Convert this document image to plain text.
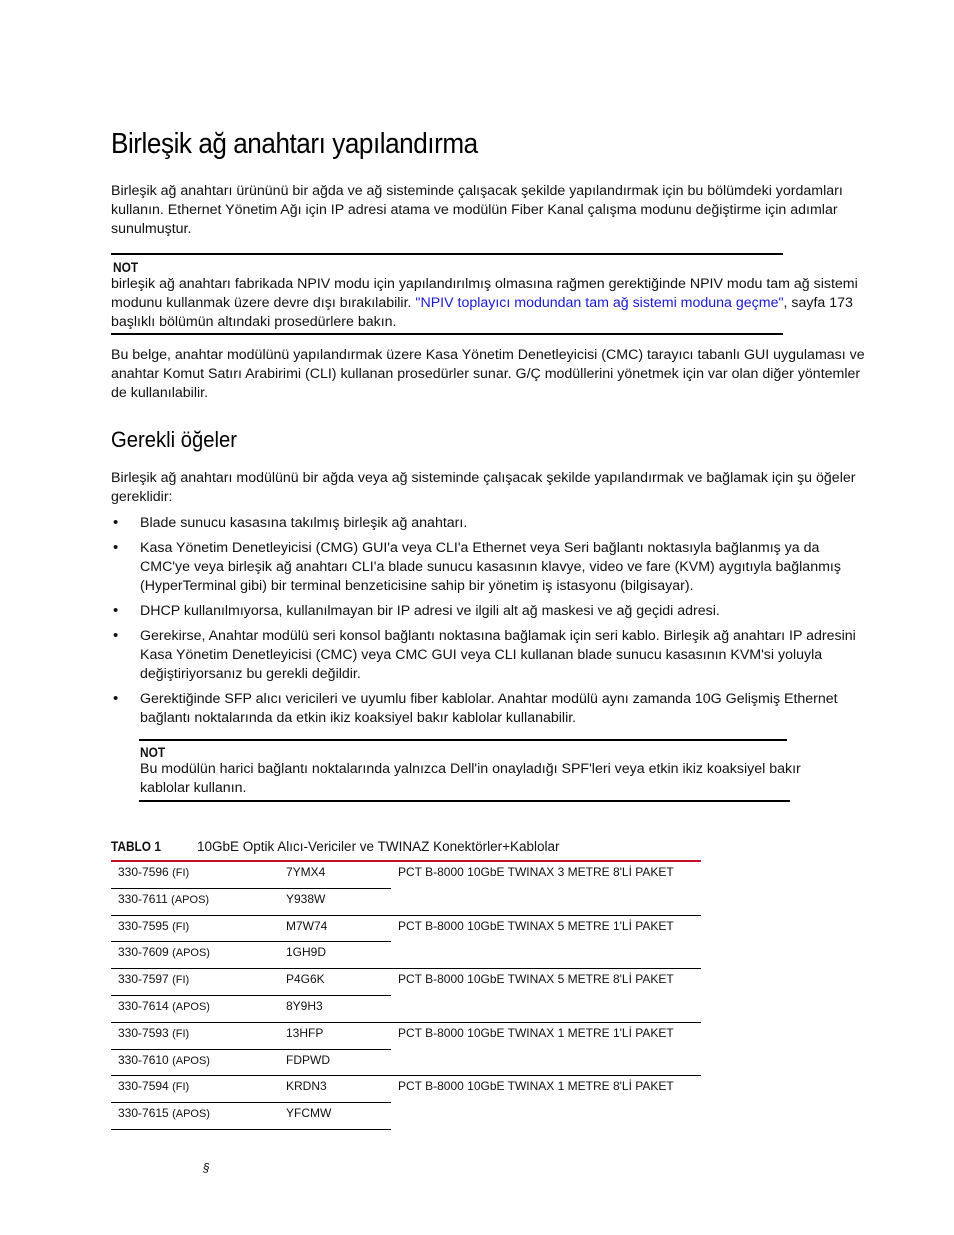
Birleşik ağ anahtarı yapılandırma

Birleşik ağ anahtarı ürününü bir ağda ve ağ sisteminde çalışacak şekilde yapılandırmak için bu bölümdeki yordamları kullanın. Ethernet Yönetim Ağı için IP adresi atama ve modülün Fiber Kanal çalışma modunu değiştirme için adımlar sunulmuştur.

NOT

birleşik ağ anahtarı fabrikada NPIV modu için yapılandırılmış olmasına rağmen gerektiğinde NPIV modu tam ağ sistemi modunu kullanmak üzere devre dışı bırakılabilir. "NPIV toplayıcı modundan tam ağ sistemi moduna geçme", sayfa 173 başlıklı bölümün altındaki prosedürlere bakın.

Bu belge, anahtar modülünü yapılandırmak üzere Kasa Yönetim Denetleyicisi (CMC) tarayıcı tabanlı GUI uygulaması ve anahtar Komut Satırı Arabirimi (CLI) kullanan prosedürler sunar. G/Ç modüllerini yönetmek için var olan diğer yöntemler de kullanılabilir.

Gerekli öğeler

Birleşik ağ anahtarı modülünü bir ağda veya ağ sisteminde çalışacak şekilde yapılandırmak ve bağlamak için şu öğeler gereklidir:

• Blade sunucu kasasına takılmış birleşik ağ anahtarı.
• Kasa Yönetim Denetleyicisi (CMG) GUI'a veya CLI'a Ethernet veya Seri bağlantı noktasıyla bağlanmış ya da CMC'ye veya birleşik ağ anahtarı CLI'a blade sunucu kasasının klavye, video ve fare (KVM) aygıtıyla bağlanmış (HyperTerminal gibi) bir terminal benzeticisine sahip bir yönetim iş istasyonu (bilgisayar).
• DHCP kullanılmıyorsa, kullanılmayan bir IP adresi ve ilgili alt ağ maskesi ve ağ geçidi adresi.
• Gerekirse, Anahtar modülü seri konsol bağlantı noktasına bağlamak için seri kablo. Birleşik ağ anahtarı IP adresini Kasa Yönetim Denetleyicisi (CMC) veya CMC GUI veya CLI kullanan blade sunucu kasasının KVM'si yoluyla değiştiriyorsanız bu gerekli değildir.
• Gerektiğinde SFP alıcı vericileri ve uyumlu fiber kablolar. Anahtar modülü aynı zamanda 10G Gelişmiş Ethernet bağlantı noktalarında da etkin ikiz koaksiyel bakır kablolar kullanabilir.
NOT

Bu modülün harici bağlantı noktalarında yalnızca Dell'in onayladığı SPF'leri veya etkin ikiz koaksiyel bakır kablolar kullanın.

TABLO 1	10GbE Optik Alıcı-Vericiler ve TWINAZ Konektörler+Kablolar
330-7596 (FI)	7YMX4	PCT B-8000 10GbE TWINAX 3 METRE 8'Lİ PAKET
330-7611 (APOS)	Y938W	
330-7595 (FI)	M7W74	PCT B-8000 10GbE TWINAX 5 METRE 1'Lİ PAKET
330-7609 (APOS)	1GH9D	
330-7597 (FI)	P4G6K	PCT B-8000 10GbE TWINAX 5 METRE 8'Lİ PAKET
330-7614 (APOS)	8Y9H3	
330-7593 (FI)	13HFP	PCT B-8000 10GbE TWINAX 1 METRE 1'Lİ PAKET
330-7610 (APOS)	FDPWD	
330-7594 (FI)	KRDN3	PCT B-8000 10GbE TWINAX 1 METRE 8'Lİ PAKET
330-7615 (APOS)	YFCMW	
§
